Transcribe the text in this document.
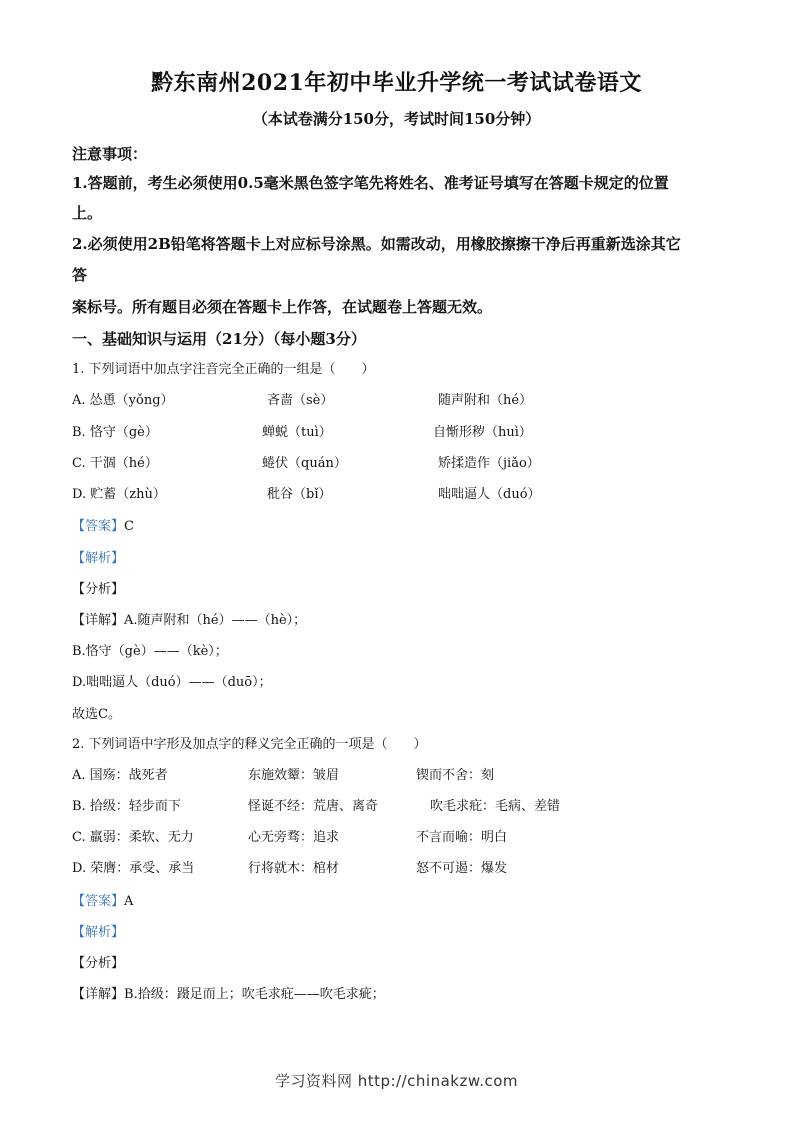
黔东南州2021年初中毕业升学统一考试试卷语文
（本试卷满分150分，考试时间150分钟）
注意事项：
1.答题前，考生必须使用0.5毫米黑色签字笔先将姓名、准考证号填写在答题卡规定的位置
上。
2.必须使用2B铅笔将答题卡上对应标号涂黑。如需改动，用橡胶擦擦干净后再重新选涂其它
答
案标号。所有题目必须在答题卡上作答，在试题卷上答题无效。
一、基础知识与运用（21分）（每小题3分）
1. 下列词语中加点字注音完全正确的一组是（　　）
A. 怂恿（yǒng）	吝啬（sè）	随声附和（hé）
B. 恪守（gè）	蝉蜕（tuì）	自惭形秽（huì）
C. 干涸（hé）	蜷伏（quán）	矫揉造作（jiǎo）
D. 贮蓄（zhù）	秕谷（bǐ）	咄咄逼人（duó）
【答案】C
【解析】
【分析】
【详解】A.随声附和（hé）——（hè）；
B.恪守（gè）——（kè）；
D.咄咄逼人（duó）——（duō）；
故选C。
2. 下列词语中字形及加点字的释义完全正确的一项是（　　）
A. 国殇：战死者	东施效颦：皱眉	锲而不舍：刻
B. 拾级：轻步而下	怪诞不经：荒唐、离奇	吹毛求疪：毛病、差错
C. 羸弱：柔软、无力	心无旁骛：追求	不言而喻：明白
D. 荣膺：承受、承当	行将就木：棺材	怒不可遏：爆发
【答案】A
【解析】
【分析】
【详解】B.拾级：蹑足而上；吹毛求疪——吹毛求疵；
学习资料网 http://chinakzw.com
